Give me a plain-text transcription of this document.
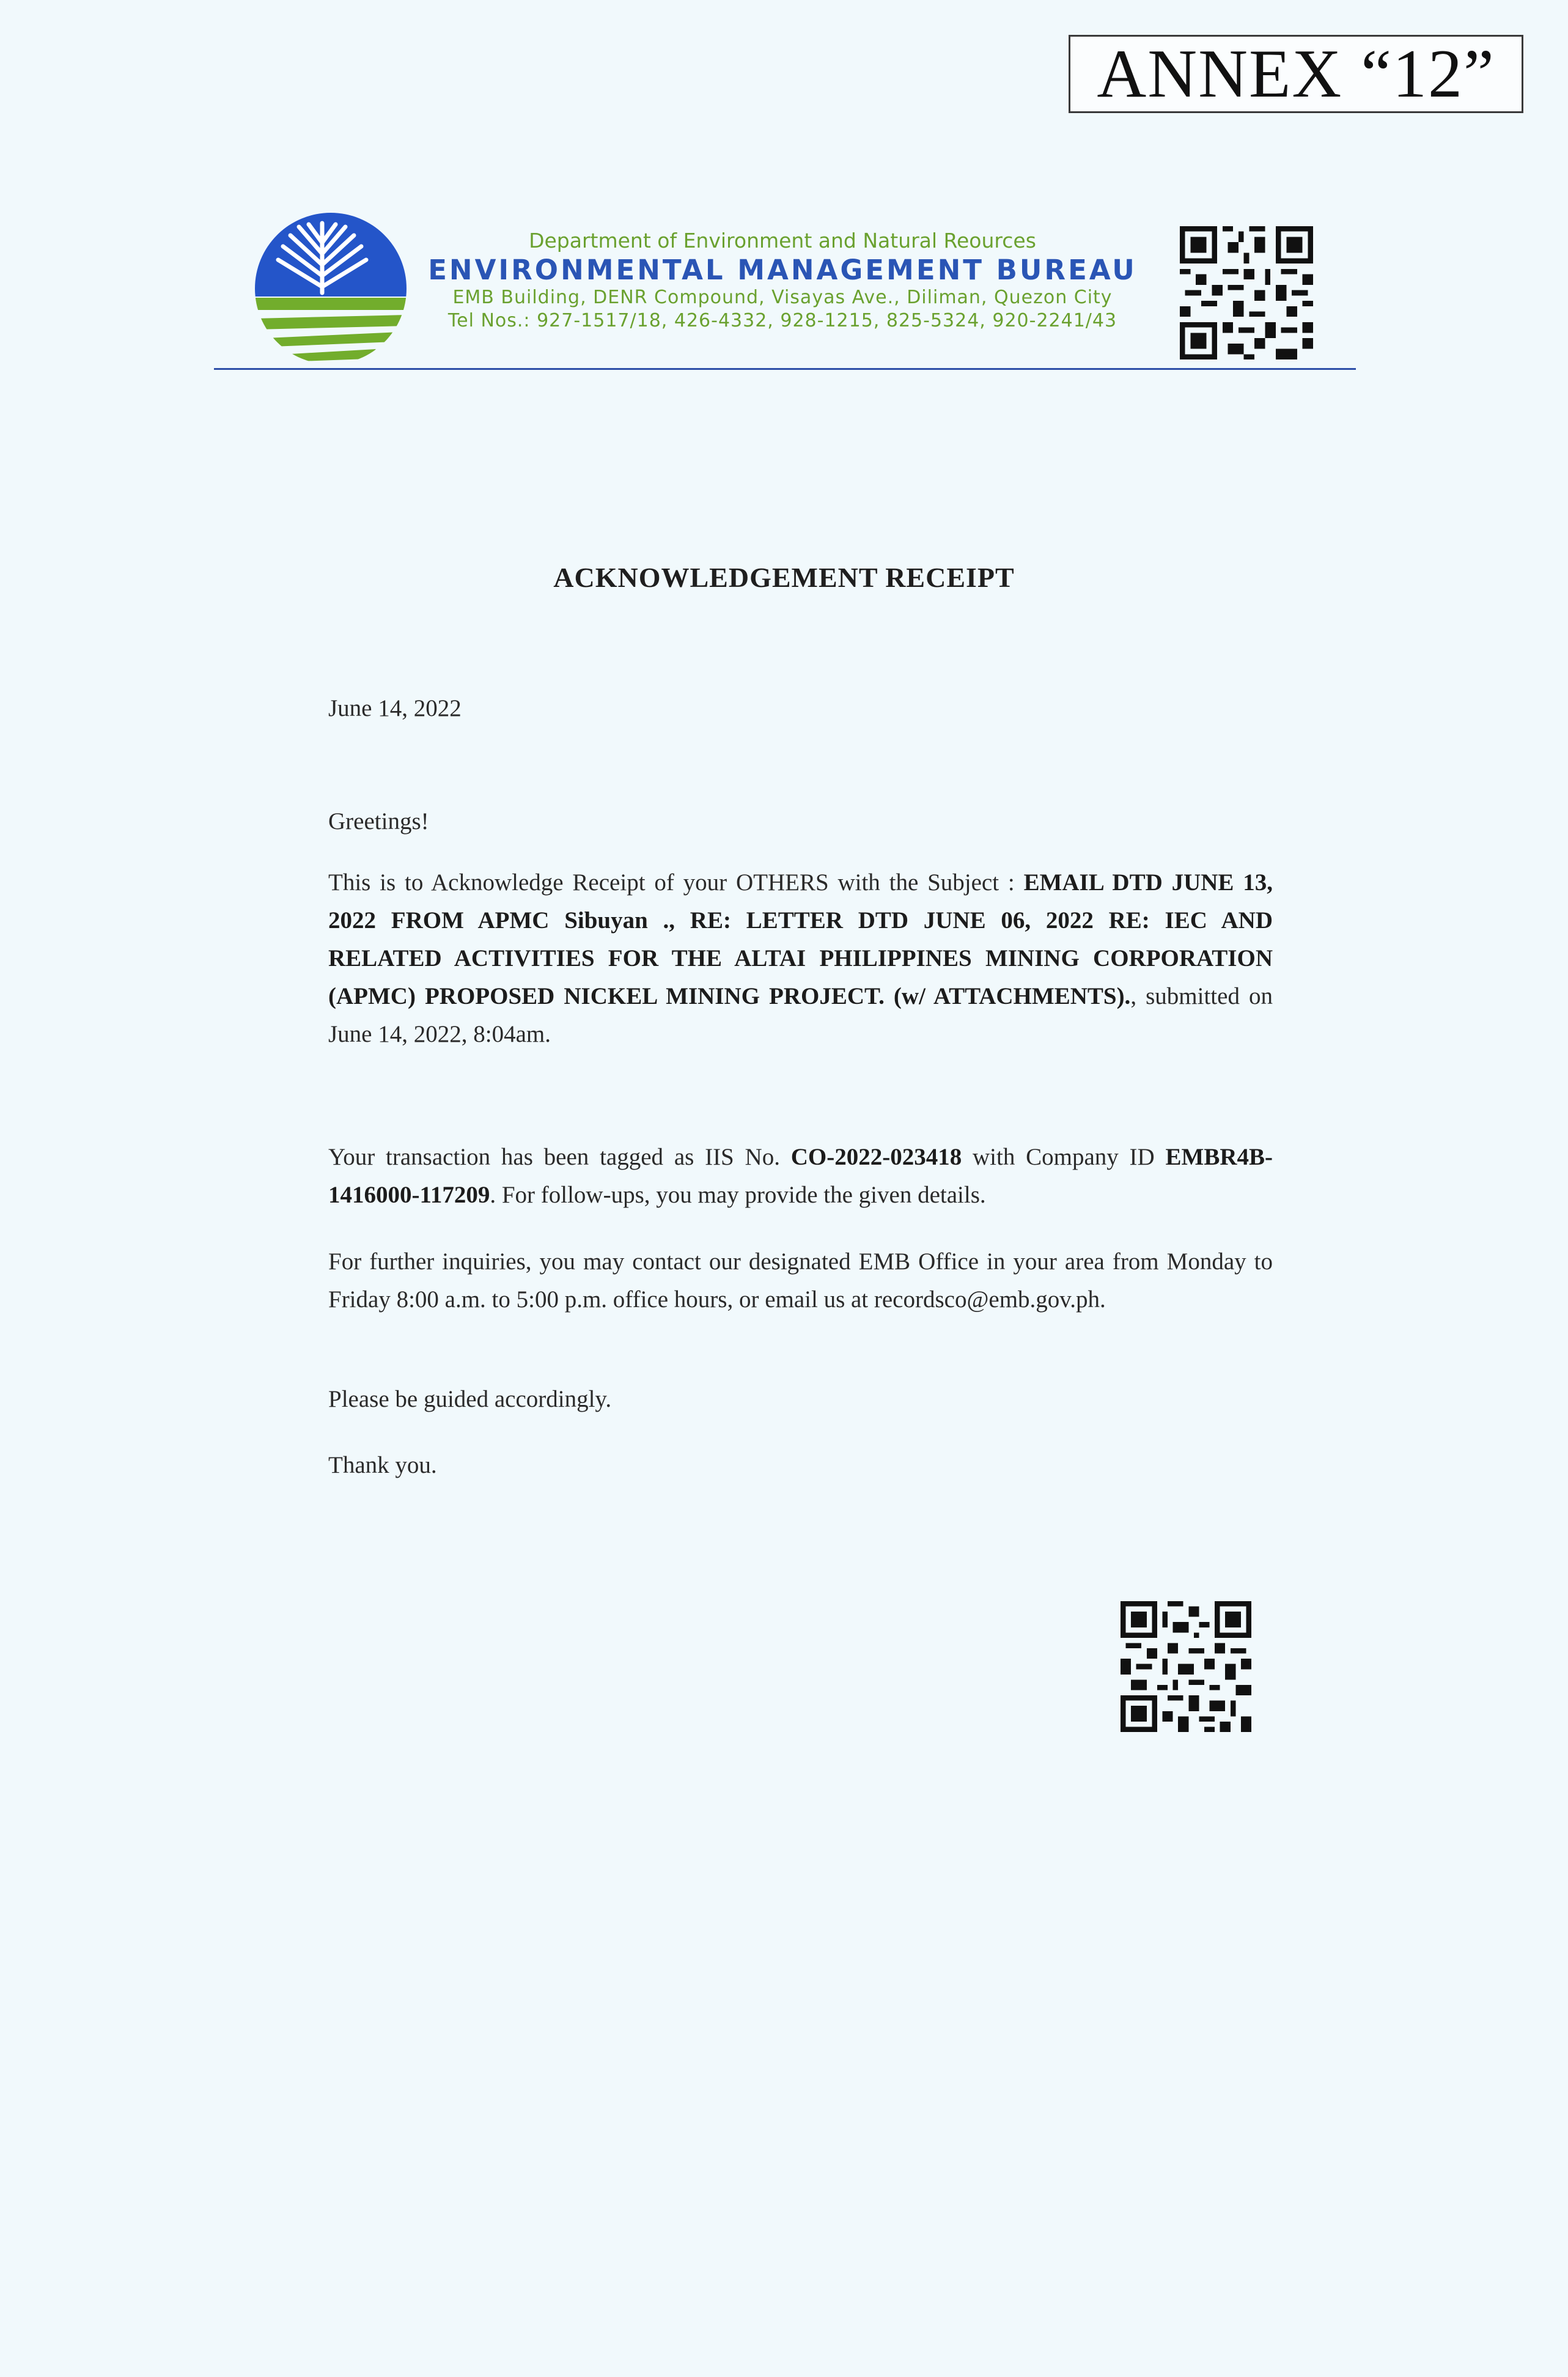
ANNEX “12”
Department of Environment and Natural Reources
ENVIRONMENTAL MANAGEMENT BUREAU
EMB Building, DENR Compound, Visayas Ave., Diliman, Quezon City
Tel Nos.: 927-1517/18, 426-4332, 928-1215, 825-5324, 920-2241/43
ACKNOWLEDGEMENT RECEIPT
June 14, 2022
Greetings!
This is to Acknowledge Receipt of your OTHERS with the Subject : EMAIL DTD JUNE 13, 2022 FROM APMC Sibuyan ., RE: LETTER DTD JUNE 06, 2022 RE: IEC AND RELATED ACTIVITIES FOR THE ALTAI PHILIPPINES MINING CORPORATION (APMC) PROPOSED NICKEL MINING PROJECT. (w/ ATTACHMENTS)., submitted on June 14, 2022, 8:04am.
Your transaction has been tagged as IIS No. CO-2022-023418 with Company ID EMBR4B-1416000-117209. For follow-ups, you may provide the given details.
For further inquiries, you may contact our designated EMB Office in your area from Monday to Friday 8:00 a.m. to 5:00 p.m. office hours, or email us at recordsco@emb.gov.ph.
Please be guided accordingly.
Thank you.
